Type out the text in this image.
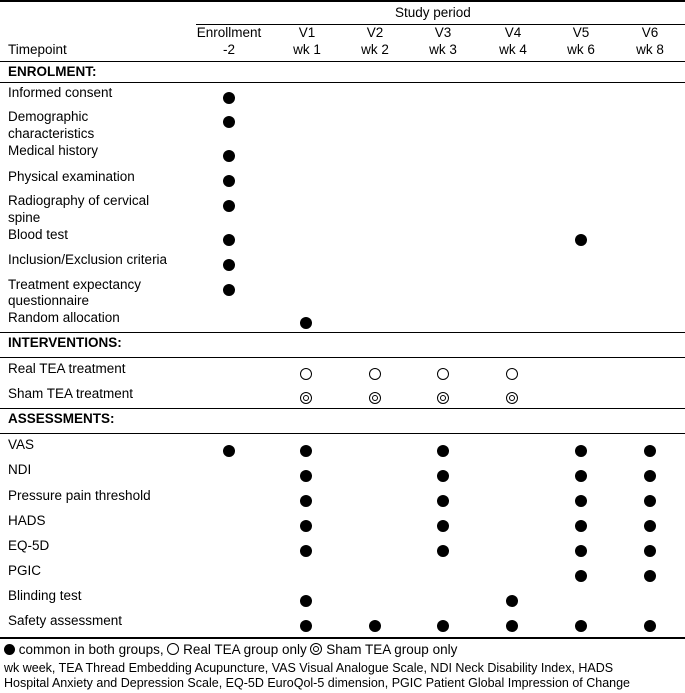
Study period
Timepoint
Enrollment
-2
V1
wk 1
V2
wk 2
V3
wk 3
V4
wk 4
V5
wk 6
V6
wk 8
ENROLMENT:
Informed consent
Demographic
characteristics
Medical history
Physical examination
Radiography of cervical
spine
Blood test
Inclusion/Exclusion criteria
Treatment expectancy
questionnaire
Random allocation
INTERVENTIONS:
Real TEA treatment
Sham TEA treatment
ASSESSMENTS:
VAS
NDI
Pressure pain threshold
HADS
EQ-5D
PGIC
Blinding test
Safety assessment
common in both groups, Real TEA group only Sham TEA group only
wk week, TEA Thread Embedding Acupuncture, VAS Visual Analogue Scale, NDI Neck Disability Index, HADS
Hospital Anxiety and Depression Scale, EQ-5D EuroQol-5 dimension, PGIC Patient Global Impression of Change
